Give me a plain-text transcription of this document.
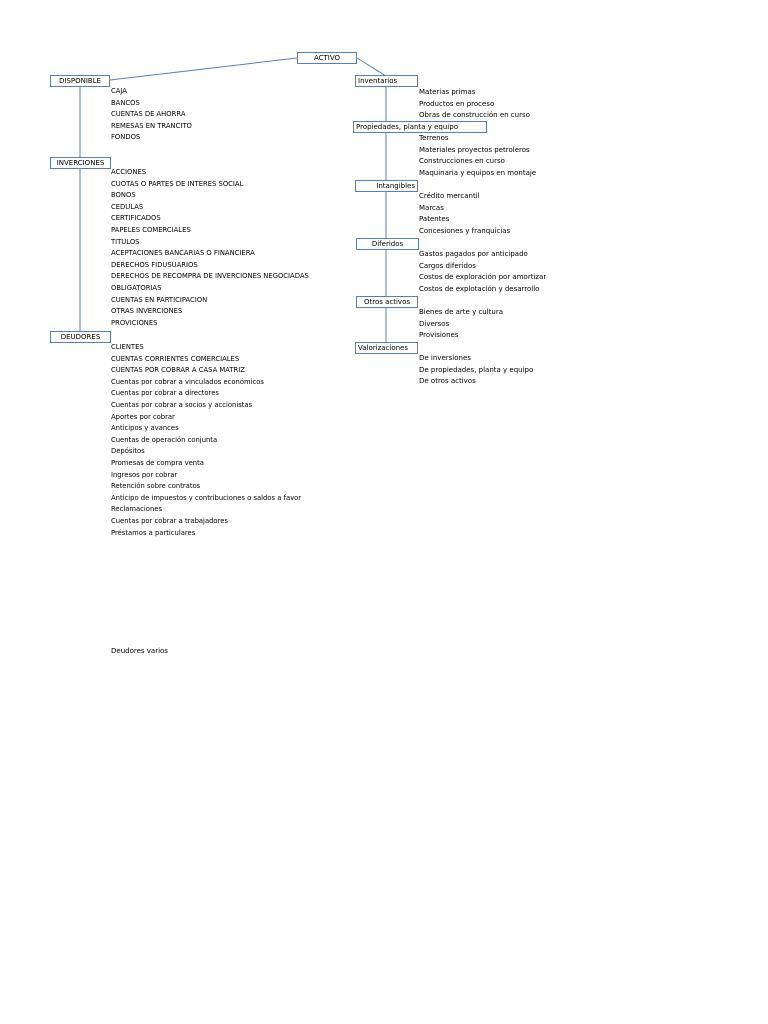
ACTIVO
DISPONIBLE
CAJA
BANCOS
CUENTAS DE AHORRA
REMESAS EN TRANCITO
FONDOS
INVERCIONES
ACCIONES
CUOTAS O PARTES DE INTERES SOCIAL
BONOS
CEDULAS
CERTIFICADOS
PAPELES COMERCIALES
TITULOS
ACEPTACIONES BANCARIAS O FINANCIERA
DERECHOS FIDUSUARIOS
DERECHOS DE RECOMPRA DE INVERCIONES NEGOCIADAS
OBLIGATORIAS
CUENTAS EN PARTICIPACION
OTRAS INVERCIONES
PROVICIONES
DEUDORES
CLIENTES
CUENTAS CORRIENTES COMERCIALES
CUENTAS POR COBRAR A CASA MATRIZ
Cuentas por cobrar a vinculados económicos
Cuentas por cobrar a directores
Cuentas por cobrar a socios y accionistas
Aportes por cobrar
Anticipos y avances
Cuentas de operación conjunta
Depósitos
Promesas de compra venta
Ingresos por cobrar
Retención sobre contratos
Anticipo de impuestos y contribuciones o saldos a favor
Reclamaciones
Cuentas por cobrar a trabajadores
Préstamos a particulares
Deudores varios
Inventarios
Materias primas
Productos en proceso
Obras de construcción en curso
Propiedades, planta y equipo
Terrenos
Materiales proyectos petroleros
Construcciones en curso
Maquinaria y equipos en montaje
Intangibles
Crédito mercantil
Marcas
Patentes
Concesiones y franquicias
Diferidos
Gastos pagados por anticipado
Cargos diferidos
Costos de exploración por amortizar
Costos de explotación y desarrollo
Otros activos
Bienes de arte y cultura
Diversos
Provisiones
Valorizaciones
De inversiones
De propiedades, planta y equipo
De otros activos
